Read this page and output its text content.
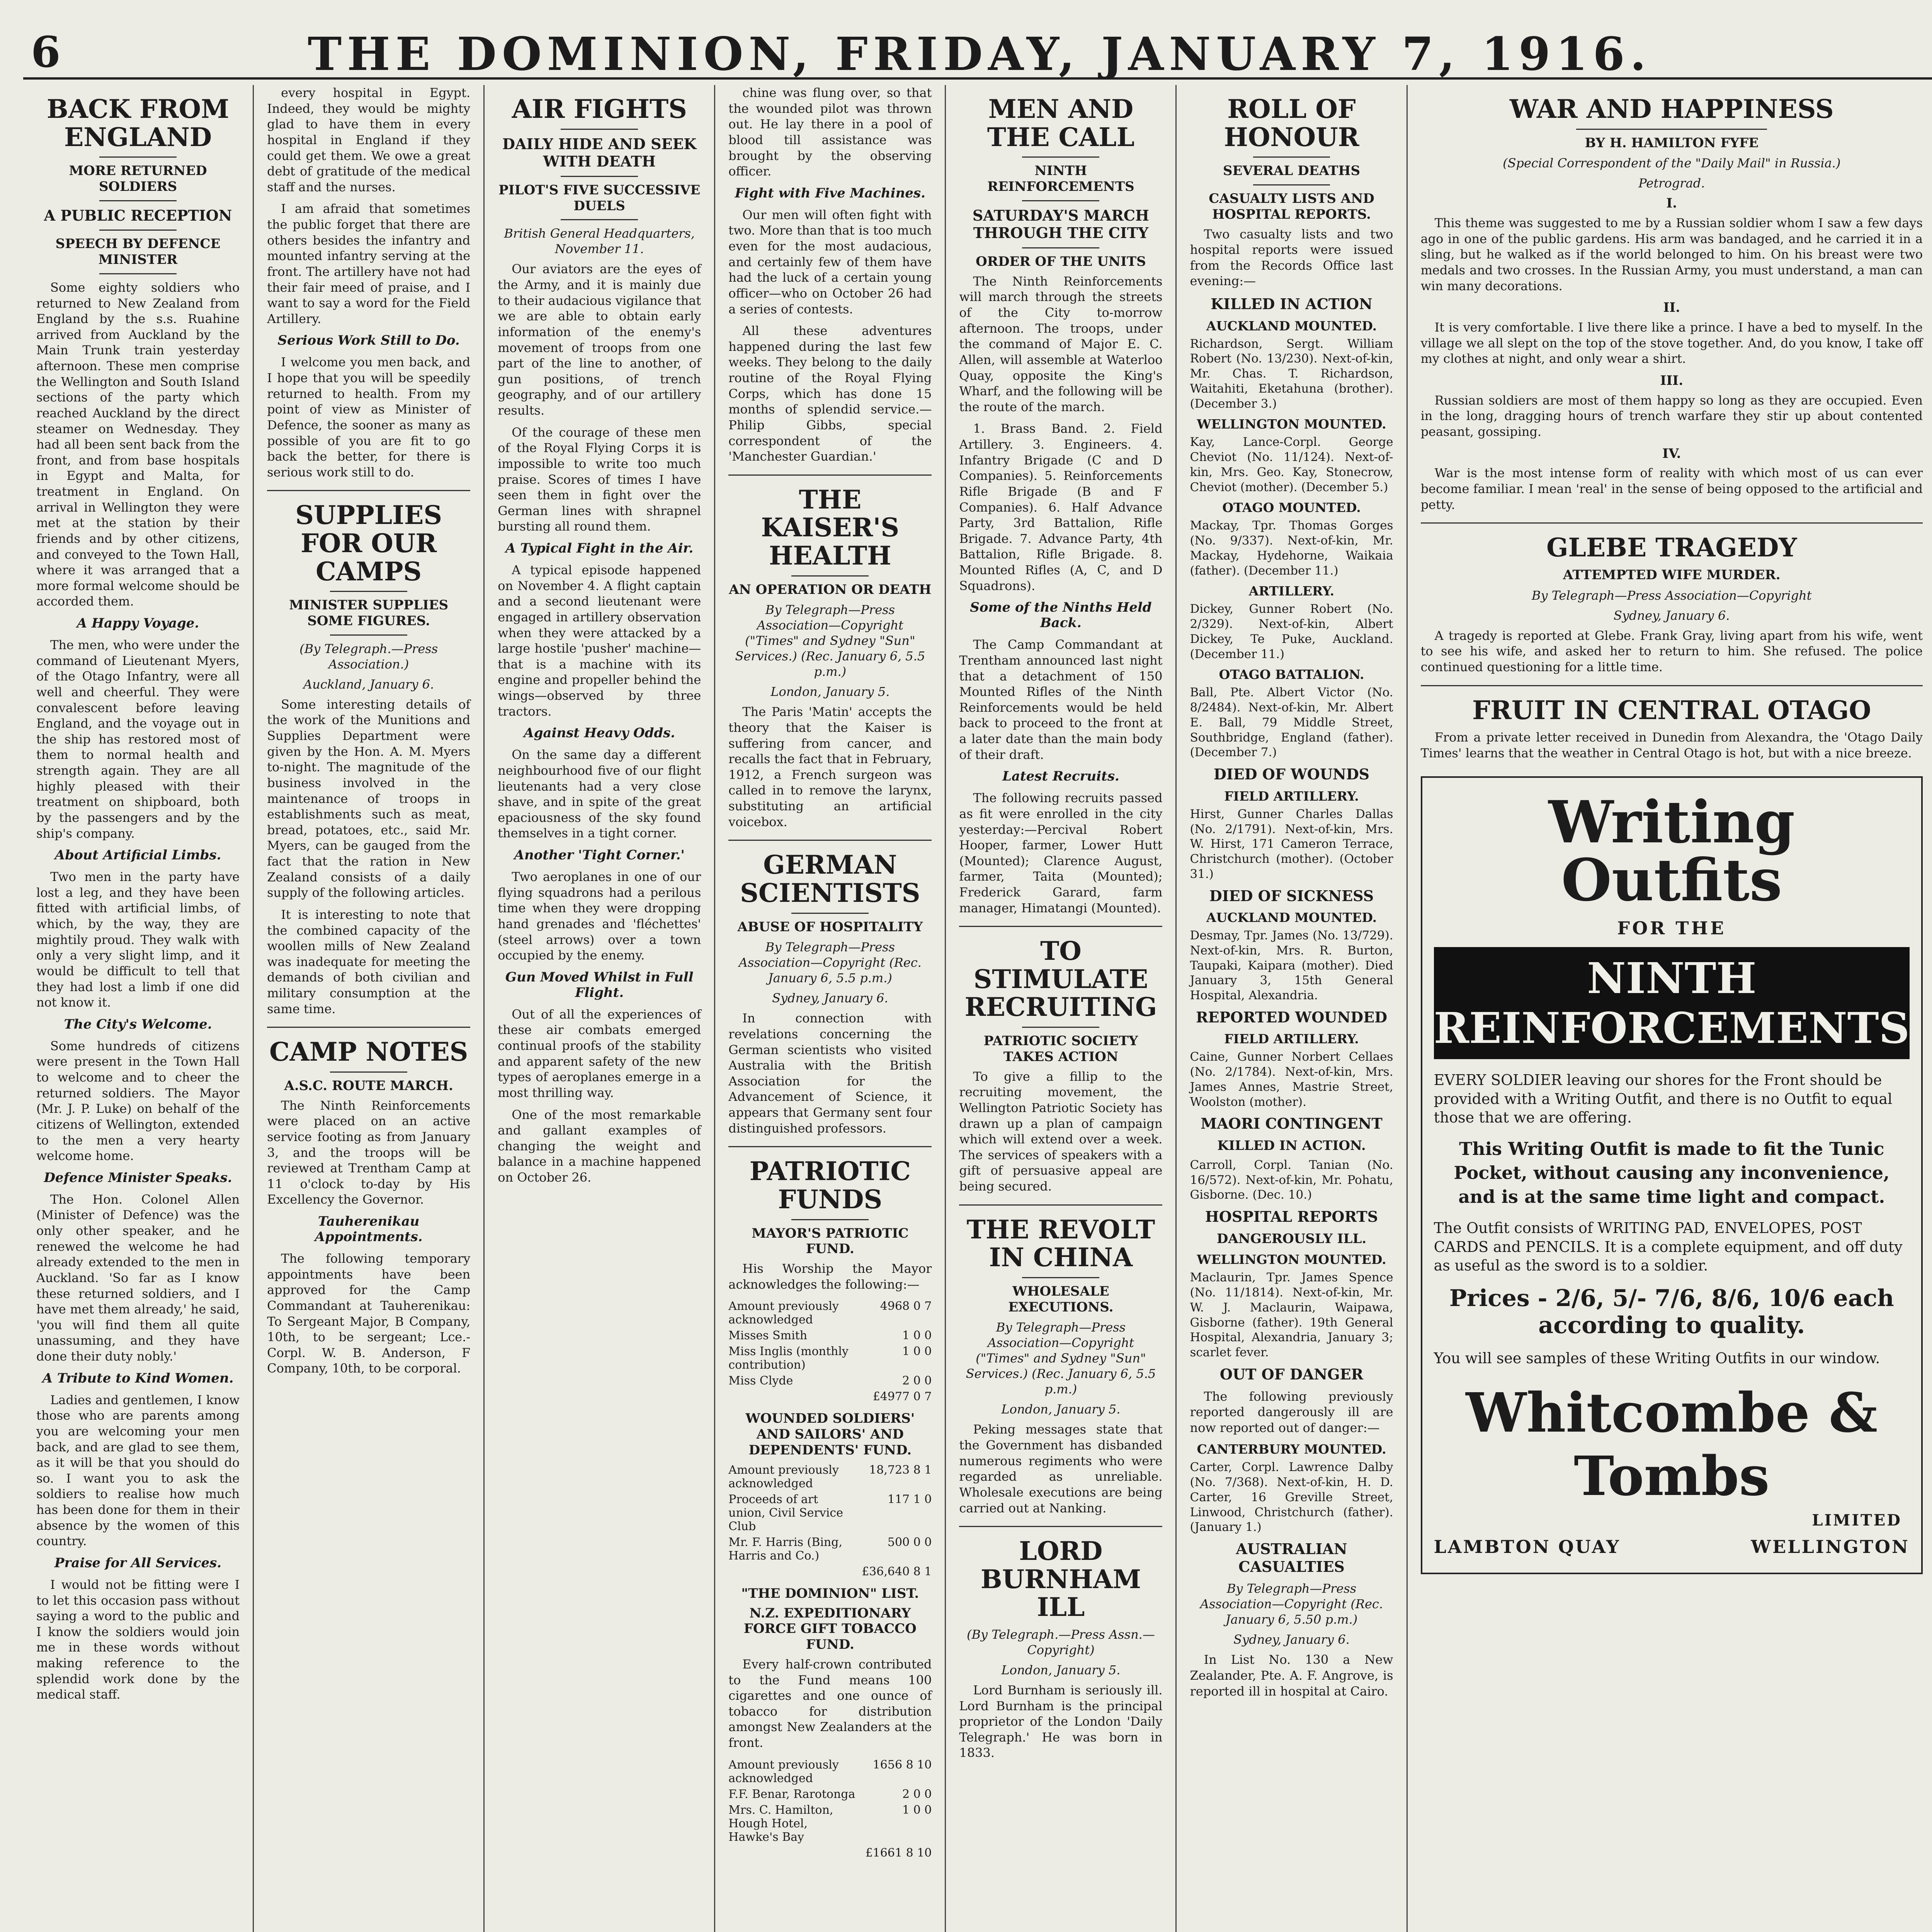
6	THE DOMINION, FRIDAY, JANUARY 7, 1916.
BACK FROM ENGLAND
MORE RETURNED SOLDIERS
A PUBLIC RECEPTION
SPEECH BY DEFENCE MINISTER

Some eighty soldiers who returned to New Zealand from England by the s.s. Ruahine arrived from Auckland by the Main Trunk train yesterday afternoon. These men comprise the Wellington and South Island sections of the party which reached Auckland by the direct steamer on Wednesday. They had all been sent back from the front, and from base hospitals in Egypt and Malta, for treatment in England. On arrival in Wellington they were met at the station by their friends and by other citizens, and conveyed to the Town Hall, where it was arranged that a more formal welcome should be accorded them.

A Happy Voyage.

The men, who were under the command of Lieutenant Myers, of the Otago Infantry, were all well and cheerful. They were convalescent before leaving England, and the voyage out in the ship has restored most of them to normal health and strength again. They are all highly pleased with their treatment on shipboard, both by the passengers and by the ship's company.

About Artificial Limbs.

Two men in the party have lost a leg, and they have been fitted with artificial limbs, of which, by the way, they are mightily proud. They walk with only a very slight limp, and it would be difficult to tell that they had lost a limb if one did not know it.

The City's Welcome.

Some hundreds of citizens were present in the Town Hall to welcome and to cheer the returned soldiers. The Mayor (Mr. J. P. Luke) on behalf of the citizens of Wellington, extended to the men a very hearty welcome home.

Defence Minister Speaks.

The Hon. Colonel Allen (Minister of Defence) was the only other speaker, and he renewed the welcome he had already extended to the men in Auckland. 'So far as I know these returned soldiers, and I have met them already,' he said, 'you will find them all quite unassuming, and they have done their duty nobly.'

A Tribute to Kind Women.

Ladies and gentlemen, I know those who are parents among you are welcoming your men back, and are glad to see them, as it will be that you should do so. I want you to ask the soldiers to realise how much has been done for them in their absence by the women of this country.

Praise for All Services.

I would not be fitting were I to let this occasion pass without saying a word to the public and I know the soldiers would join me in these words without making reference to the splendid work done by the medical staff.

every hospital in Egypt. Indeed, they would be mighty glad to have them in every hospital in England if they could get them. We owe a great debt of gratitude of the medical staff and the nurses.

I am afraid that sometimes the public forget that there are others besides the infantry and mounted infantry serving at the front. The artillery have not had their fair meed of praise, and I want to say a word for the Field Artillery.

Serious Work Still to Do.

I welcome you men back, and I hope that you will be speedily returned to health. From my point of view as Minister of Defence, the sooner as many as possible of you are fit to go back the better, for there is serious work still to do.

SUPPLIES FOR OUR CAMPS
MINISTER SUPPLIES SOME FIGURES.
(By Telegraph.—Press Association.)
Auckland, January 6.

Some interesting details of the work of the Munitions and Supplies Department were given by the Hon. A. M. Myers to-night. The magnitude of the business involved in the maintenance of troops in establishments such as meat, bread, potatoes, etc., said Mr. Myers, can be gauged from the fact that the ration in New Zealand consists of a daily supply of the following articles.

It is interesting to note that the combined capacity of the woollen mills of New Zealand was inadequate for meeting the demands of both civilian and military consumption at the same time.

CAMP NOTES
A.S.C. ROUTE MARCH.

The Ninth Reinforcements were placed on an active service footing as from January 3, and the troops will be reviewed at Trentham Camp at 11 o'clock to-day by His Excellency the Governor.

Tauherenikau Appointments.

The following temporary appointments have been approved for the Camp Commandant at Tauherenikau: To Sergeant Major, B Company, 10th, to be sergeant; Lce.-Corpl. W. B. Anderson, F Company, 10th, to be corporal.

AIR FIGHTS
DAILY HIDE AND SEEK WITH DEATH
PILOT'S FIVE SUCCESSIVE DUELS
British General Headquarters, November 11.

Our aviators are the eyes of the Army, and it is mainly due to their audacious vigilance that we are able to obtain early information of the enemy's movement of troops from one part of the line to another, of gun positions, of trench geography, and of our artillery results.

Of the courage of these men of the Royal Flying Corps it is impossible to write too much praise. Scores of times I have seen them in fight over the German lines with shrapnel bursting all round them.

A Typical Fight in the Air.

A typical episode happened on November 4. A flight captain and a second lieutenant were engaged in artillery observation when they were attacked by a large hostile 'pusher' machine—that is a machine with its engine and propeller behind the wings—observed by three tractors.

Against Heavy Odds.

On the same day a different neighbourhood five of our flight lieutenants had a very close shave, and in spite of the great epaciousness of the sky found themselves in a tight corner.

Another 'Tight Corner.'

Two aeroplanes in one of our flying squadrons had a perilous time when they were dropping hand grenades and 'fléchettes' (steel arrows) over a town occupied by the enemy.

Gun Moved Whilst in Full Flight.

Out of all the experiences of these air combats emerged continual proofs of the stability and apparent safety of the new types of aeroplanes emerge in a most thrilling way.

One of the most remarkable and gallant examples of changing the weight and balance in a machine happened on October 26.

chine was flung over, so that the wounded pilot was thrown out. He lay there in a pool of blood till assistance was brought by the observing officer.

Fight with Five Machines.

Our men will often fight with two. More than that is too much even for the most audacious, and certainly few of them have had the luck of a certain young officer—who on October 26 had a series of contests.

All these adventures happened during the last few weeks. They belong to the daily routine of the Royal Flying Corps, which has done 15 months of splendid service.—Philip Gibbs, special correspondent of the 'Manchester Guardian.'

THE KAISER'S HEALTH
AN OPERATION OR DEATH
By Telegraph—Press Association—Copyright ("Times" and Sydney "Sun" Services.) (Rec. January 6, 5.5 p.m.)
London, January 5.

The Paris 'Matin' accepts the theory that the Kaiser is suffering from cancer, and recalls the fact that in February, 1912, a French surgeon was called in to remove the larynx, substituting an artificial voicebox.

GERMAN SCIENTISTS
ABUSE OF HOSPITALITY
By Telegraph—Press Association—Copyright (Rec. January 6, 5.5 p.m.)
Sydney, January 6.

In connection with revelations concerning the German scientists who visited Australia with the British Association for the Advancement of Science, it appears that Germany sent four distinguished professors.

PATRIOTIC FUNDS
MAYOR'S PATRIOTIC FUND.

His Worship the Mayor acknowledges the following:—

Amount previously acknowledged	4968 0 7
Misses Smith	1 0 0
Miss Inglis (monthly contribution)	1 0 0
Miss Clyde	2 0 0
	£4977 0 7
WOUNDED SOLDIERS' AND SAILORS' AND DEPENDENTS' FUND.
Amount previously acknowledged	18,723 8 1
Proceeds of art union, Civil Service Club	117 1 0
Mr. F. Harris (Bing, Harris and Co.)	500 0 0
	£36,640 8 1
"THE DOMINION" LIST.
N.Z. EXPEDITIONARY FORCE GIFT TOBACCO FUND.

Every half-crown contributed to the Fund means 100 cigarettes and one ounce of tobacco for distribution amongst New Zealanders at the front.

Amount previously acknowledged	1656 8 10
F.F. Benar, Rarotonga	2 0 0
Mrs. C. Hamilton, Hough Hotel, Hawke's Bay	1 0 0
	£1661 8 10
MEN AND THE CALL
NINTH REINFORCEMENTS
SATURDAY'S MARCH THROUGH THE CITY
ORDER OF THE UNITS

The Ninth Reinforcements will march through the streets of the City to-morrow afternoon. The troops, under the command of Major E. C. Allen, will assemble at Waterloo Quay, opposite the King's Wharf, and the following will be the route of the march.

1. Brass Band. 2. Field Artillery. 3. Engineers. 4. Infantry Brigade (C and D Companies). 5. Reinforcements Rifle Brigade (B and F Companies). 6. Half Advance Party, 3rd Battalion, Rifle Brigade. 7. Advance Party, 4th Battalion, Rifle Brigade. 8. Mounted Rifles (A, C, and D Squadrons).

Some of the Ninths Held Back.

The Camp Commandant at Trentham announced last night that a detachment of 150 Mounted Rifles of the Ninth Reinforcements would be held back to proceed to the front at a later date than the main body of their draft.

Latest Recruits.

The following recruits passed as fit were enrolled in the city yesterday:—Percival Robert Hooper, farmer, Lower Hutt (Mounted); Clarence August, farmer, Taita (Mounted); Frederick Garard, farm manager, Himatangi (Mounted).

TO STIMULATE RECRUITING
PATRIOTIC SOCIETY TAKES ACTION

To give a fillip to the recruiting movement, the Wellington Patriotic Society has drawn up a plan of campaign which will extend over a week. The services of speakers with a gift of persuasive appeal are being secured.

THE REVOLT IN CHINA
WHOLESALE EXECUTIONS.
By Telegraph—Press Association—Copyright ("Times" and Sydney "Sun" Services.) (Rec. January 6, 5.5 p.m.)
London, January 5.

Peking messages state that the Government has disbanded numerous regiments who were regarded as unreliable. Wholesale executions are being carried out at Nanking.

LORD BURNHAM ILL
(By Telegraph.—Press Assn.—Copyright)
London, January 5.

Lord Burnham is seriously ill. Lord Burnham is the principal proprietor of the London 'Daily Telegraph.' He was born in 1833.

ROLL OF HONOUR
SEVERAL DEATHS
CASUALTY LISTS AND HOSPITAL REPORTS.

Two casualty lists and two hospital reports were issued from the Records Office last evening:—

KILLED IN ACTION
AUCKLAND MOUNTED.
Richardson, Sergt. William Robert (No. 13/230). Next-of-kin, Mr. Chas. T. Richardson, Waitahiti, Eketahuna (brother). (December 3.)
WELLINGTON MOUNTED.
Kay, Lance-Corpl. George Cheviot (No. 11/124). Next-of-kin, Mrs. Geo. Kay, Stonecrow, Cheviot (mother). (December 5.)
OTAGO MOUNTED.
Mackay, Tpr. Thomas Gorges (No. 9/337). Next-of-kin, Mr. Mackay, Hydehorne, Waikaia (father). (December 11.)
ARTILLERY.
Dickey, Gunner Robert (No. 2/329). Next-of-kin, Albert Dickey, Te Puke, Auckland. (December 11.)
OTAGO BATTALION.
Ball, Pte. Albert Victor (No. 8/2484). Next-of-kin, Mr. Albert E. Ball, 79 Middle Street, Southbridge, England (father). (December 7.)
DIED OF WOUNDS
FIELD ARTILLERY.
Hirst, Gunner Charles Dallas (No. 2/1791). Next-of-kin, Mrs. W. Hirst, 171 Cameron Terrace, Christchurch (mother). (October 31.)
DIED OF SICKNESS
AUCKLAND MOUNTED.
Desmay, Tpr. James (No. 13/729). Next-of-kin, Mrs. R. Burton, Taupaki, Kaipara (mother). Died January 3, 15th General Hospital, Alexandria.
REPORTED WOUNDED
FIELD ARTILLERY.
Caine, Gunner Norbert Cellaes (No. 2/1784). Next-of-kin, Mrs. James Annes, Mastrie Street, Woolston (mother).
MAORI CONTINGENT
KILLED IN ACTION.
Carroll, Corpl. Tanian (No. 16/572). Next-of-kin, Mr. Pohatu, Gisborne. (Dec. 10.)
HOSPITAL REPORTS
DANGEROUSLY ILL.
WELLINGTON MOUNTED.
Maclaurin, Tpr. James Spence (No. 11/1814). Next-of-kin, Mr. W. J. Maclaurin, Waipawa, Gisborne (father). 19th General Hospital, Alexandria, January 3; scarlet fever.
OUT OF DANGER

The following previously reported dangerously ill are now reported out of danger:—

CANTERBURY MOUNTED.
Carter, Corpl. Lawrence Dalby (No. 7/368). Next-of-kin, H. D. Carter, 16 Greville Street, Linwood, Christchurch (father). (January 1.)
AUSTRALIAN CASUALTIES
By Telegraph—Press Association—Copyright (Rec. January 6, 5.50 p.m.)
Sydney, January 6.

In List No. 130 a New Zealander, Pte. A. F. Angrove, is reported ill in hospital at Cairo.

WAR AND HAPPINESS
BY H. HAMILTON FYFE
(Special Correspondent of the "Daily Mail" in Russia.)
Petrograd.
I.

This theme was suggested to me by a Russian soldier whom I saw a few days ago in one of the public gardens. His arm was bandaged, and he carried it in a sling, but he walked as if the world belonged to him. On his breast were two medals and two crosses. In the Russian Army, you must understand, a man can win many decorations.

II.

It is very comfortable. I live there like a prince. I have a bed to myself. In the village we all slept on the top of the stove together. And, do you know, I take off my clothes at night, and only wear a shirt.

III.

Russian soldiers are most of them happy so long as they are occupied. Even in the long, dragging hours of trench warfare they stir up about contented peasant, gossiping.

IV.

War is the most intense form of reality with which most of us can ever become familiar. I mean 'real' in the sense of being opposed to the artificial and petty.

GLEBE TRAGEDY
ATTEMPTED WIFE MURDER.
By Telegraph—Press Association—Copyright
Sydney, January 6.

A tragedy is reported at Glebe. Frank Gray, living apart from his wife, went to see his wife, and asked her to return to him. She refused. The police continued questioning for a little time.

FRUIT IN CENTRAL OTAGO

From a private letter received in Dunedin from Alexandra, the 'Otago Daily Times' learns that the weather in Central Otago is hot, but with a nice breeze.

Writing Outfits
FOR THE
NINTH REINFORCEMENTS

EVERY SOLDIER leaving our shores for the Front should be provided with a Writing Outfit, and there is no Outfit to equal those that we are offering.

This Writing Outfit is made to fit the Tunic Pocket, without causing any inconvenience, and is at the same time light and compact.

The Outfit consists of WRITING PAD, ENVELOPES, POST CARDS and PENCILS. It is a complete equipment, and off duty as useful as the sword is to a soldier.

Prices - 2/6, 5/- 7/6, 8/6, 10/6 each according to quality.

You will see samples of these Writing Outfits in our window.

Whitcombe & Tombs
LIMITED
LAMBTON QUAY	WELLINGTON
